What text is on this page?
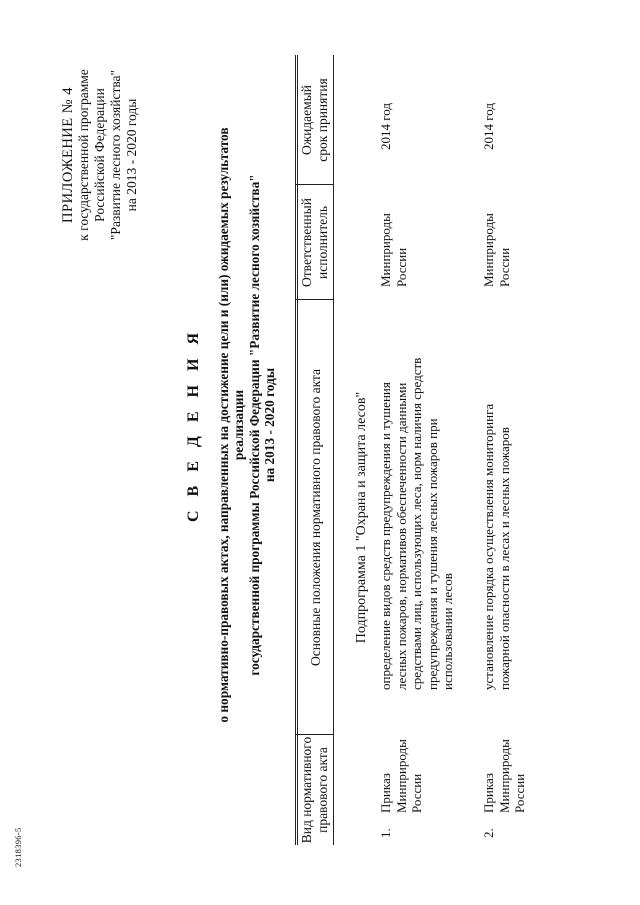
ПРИЛОЖЕНИЕ № 4 к государственной программе Российской Федерации "Развитие лесного хозяйства" на 2013 - 2020 годы
С В Е Д Е Н И Я о нормативно-правовых актах, направленных на достижение цели и (или) ожидаемых результатов реализации государственной программы Российской Федерации "Развитие лесного хозяйства" на 2013 - 2020 годы
Вид нормативного правового акта
Основные положения нормативного правового акта
Ответственный исполнитель
Ожидаемый срок принятия
Подпрограмма 1 "Охрана и защита лесов"
1.
Приказ Минприроды России
определение видов средств предупреждения и тушения лесных пожаров, нормативов обеспеченности данными средствами лиц, использующих леса, норм наличия средств предупреждения и тушения лесных пожаров при использовании лесов
Минприроды России
2014 год
2.
Приказ Минприроды России
установление порядка осуществления мониторинга пожарной опасности в лесах и лесных пожаров
Минприроды России
2014 год
2318396-5
